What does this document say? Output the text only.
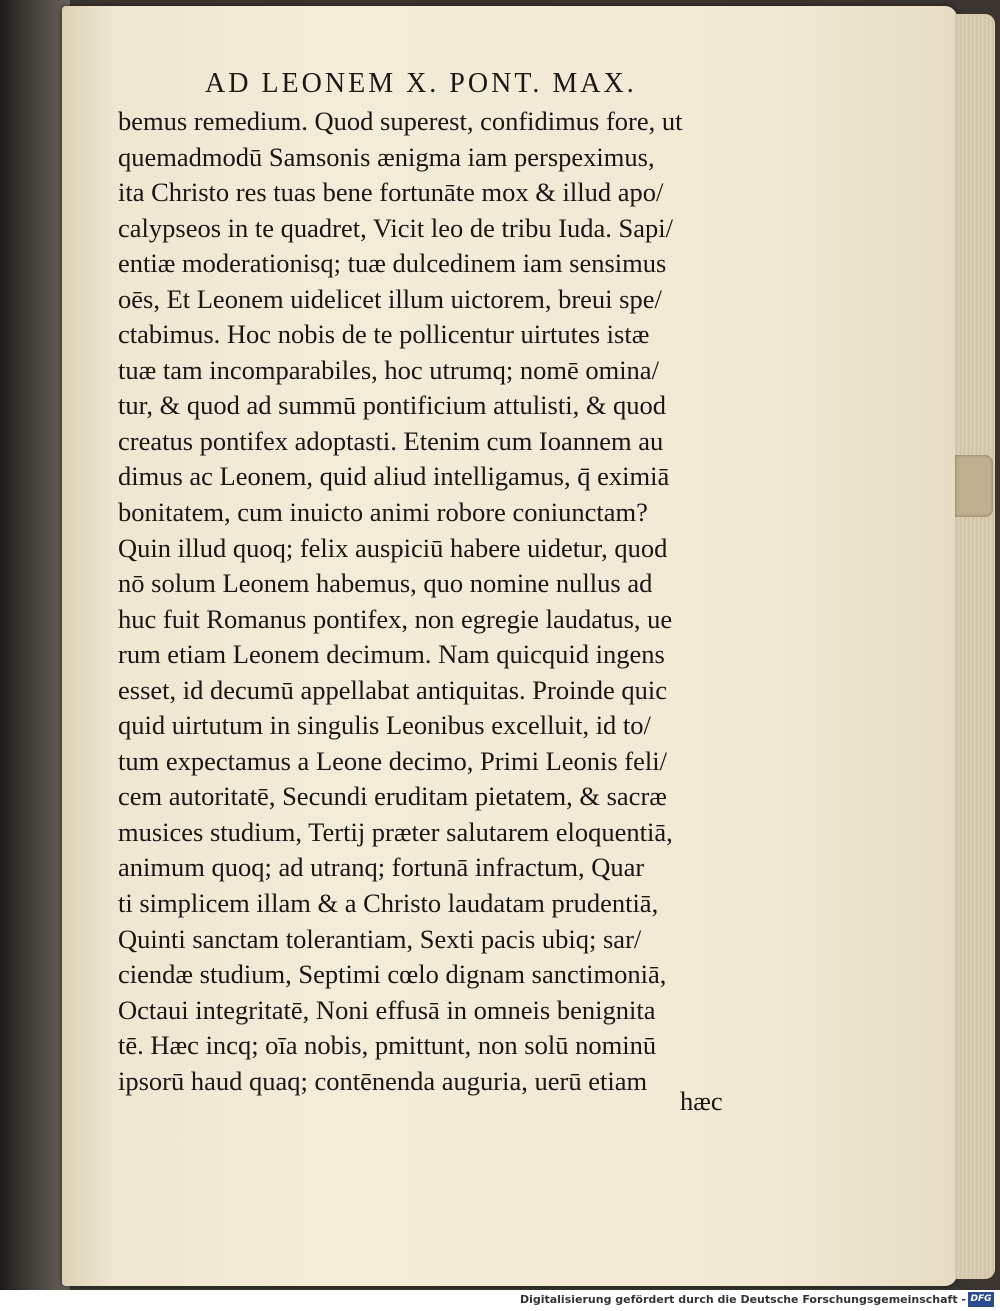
AD LEONEM X. PONT. MAX.
bemus remedium. Quod superest, confidimus fore, ut
quemadmodū Samsonis ænigma iam perspeximus,
ita Christo res tuas bene fortunāte mox & illud apo/
calypseos in te quadret, Vicit leo de tribu Iuda. Sapi/
entiæ moderationisq; tuæ dulcedinem iam sensimus
oēs, Et Leonem uidelicet illum uictorem, breui spe/
ctabimus. Hoc nobis de te pollicentur uirtutes istæ
tuæ tam incomparabiles, hoc utrumq; nomē omina/
tur, & quod ad summū pontificium attulisti, & quod
creatus pontifex adoptasti. Etenim cum Ioannem au
dimus ac Leonem, quid aliud intelligamus, q̄ eximiā
bonitatem, cum inuicto animi robore coniunctam?
Quin illud quoq; felix auspiciū habere uidetur, quod
nō solum Leonem habemus, quo nomine nullus ad
huc fuit Romanus pontifex, non egregie laudatus, ue
rum etiam Leonem decimum. Nam quicquid ingens
esset, id decumū appellabat antiquitas. Proinde quic
quid uirtutum in singulis Leonibus excelluit, id to/
tum expectamus a Leone decimo, Primi Leonis feli/
cem autoritatē, Secundi eruditam pietatem, & sacræ
musices studium, Tertij præter salutarem eloquentiā,
animum quoq; ad utranq; fortunā infractum, Quar
ti simplicem illam & a Christo laudatam prudentiā,
Quinti sanctam tolerantiam, Sexti pacis ubiq; sar/
ciendæ studium, Septimi cœlo dignam sanctimoniā,
Octaui integritatē, Noni effusā in omneis benignita
tē. Hæc incq; oīa nobis, pmittunt, non solū nominū
ipsorū haud quaq; contēnenda auguria, uerū etiam
hæc
Digitalisierung gefördert durch die Deutsche Forschungsgemeinschaft - DFG
